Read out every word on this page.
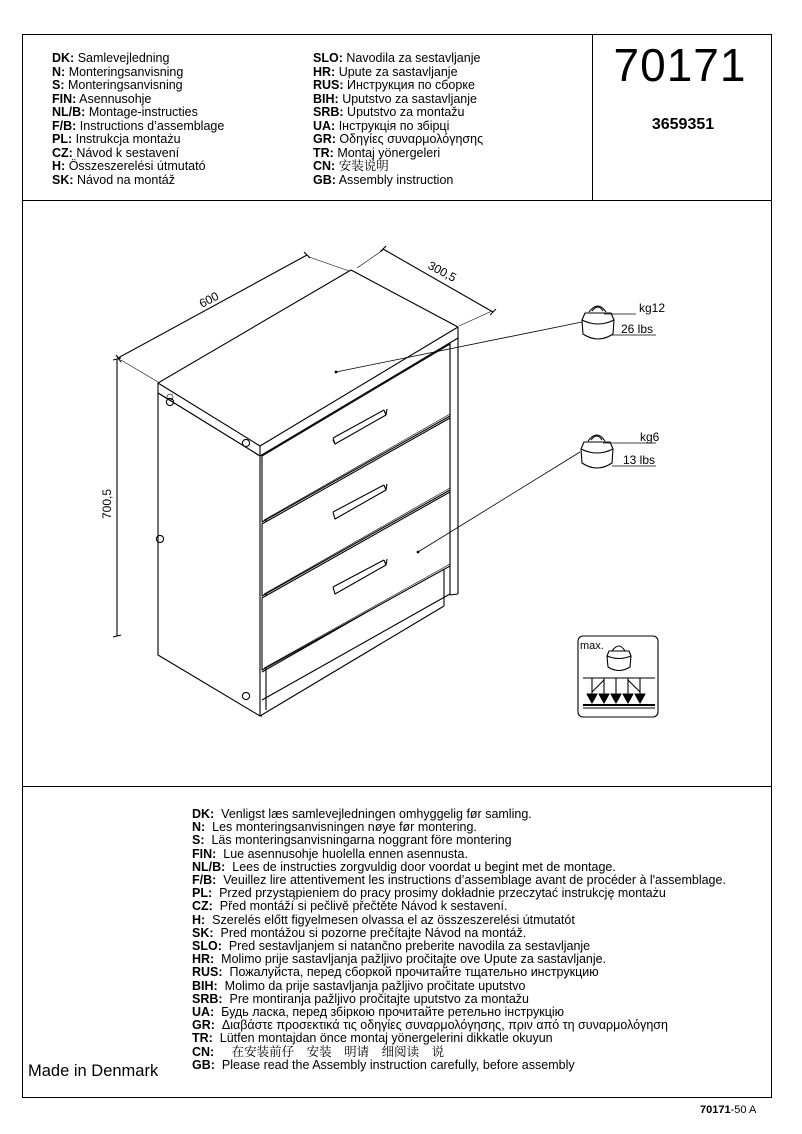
DK: Samlevejledning
N: Monteringsanvisning
S: Monteringsanvisning
FIN: Asennusohje
NL/B: Montage-instructies
F/B: Instructions d’assemblage
PL: Instrukcja montażu
CZ: Návod k sestavení
H: Összeszerelési útmutató
SK: Návod na montáž
SLO: Navodila za sestavljanje
HR: Upute za sastavljanje
RUS: Инструкция по сборке
BIH: Uputstvo za sastavljanje
SRB: Uputstvo za montažu
UA: Інструкція по збірці
GR: Οδηγίες συναρμολόγησης
TR: Montaj yönergeleri
CN: 安装说明
GB: Assembly instruction
70171
3659351
600
300,5
700,5
kg12
26 lbs
kg6
13 lbs
max.
DK: Venligst læs samlevejledningen omhyggelig før samling.
N: Les monteringsanvisningen nøye før montering.
S: Läs monteringsanvisningarna noggrant före montering
FIN: Lue asennusohje huolella ennen asennusta.
NL/B: Lees de instructies zorgvuldig door voordat u begint met de montage.
F/B: Veuillez lire attentivement les instructions d’assemblage avant de procéder à l'assemblage.
PL: Przed przystąpieniem do pracy prosimy dokładnie przeczytać instrukcję montażu
CZ: Před montáží si pečlivě přečtěte Návod k sestavení.
H: Szerelés előtt figyelmesen olvassa el az összeszerelési útmutatót
SK: Pred montážou si pozorne prečítajte Návod na montáž.
SLO: Pred sestavljanjem si natančno preberite navodila za sestavljanje
HR: Molimo prije sastavljanja pažljivo pročitajte ove Upute za sastavljanje.
RUS: Пожалуйста, перед сборкой прочитайте тщательно инструкцию
BIH: Molimo da prije sastavljanja pažljivo pročitate uputstvo
SRB: Pre montiranja pažljivo pročitajte uputstvo za montažu
UA: Будь ласка, перед збіркою прочитайте ретельно інструкцію
GR: Διαβάστε προσεκτικά τις οδηγίες συναρμολόγησης, πριν από τη συναρμολόγηση
TR: Lütfen montajdan önce montaj yönergelerini dikkatle okuyun
CN: 在安装前仔　安装　明请　细阅读　说
GB: Please read the Assembly instruction carefully, before assembly
Made in Denmark
70171-50 A
